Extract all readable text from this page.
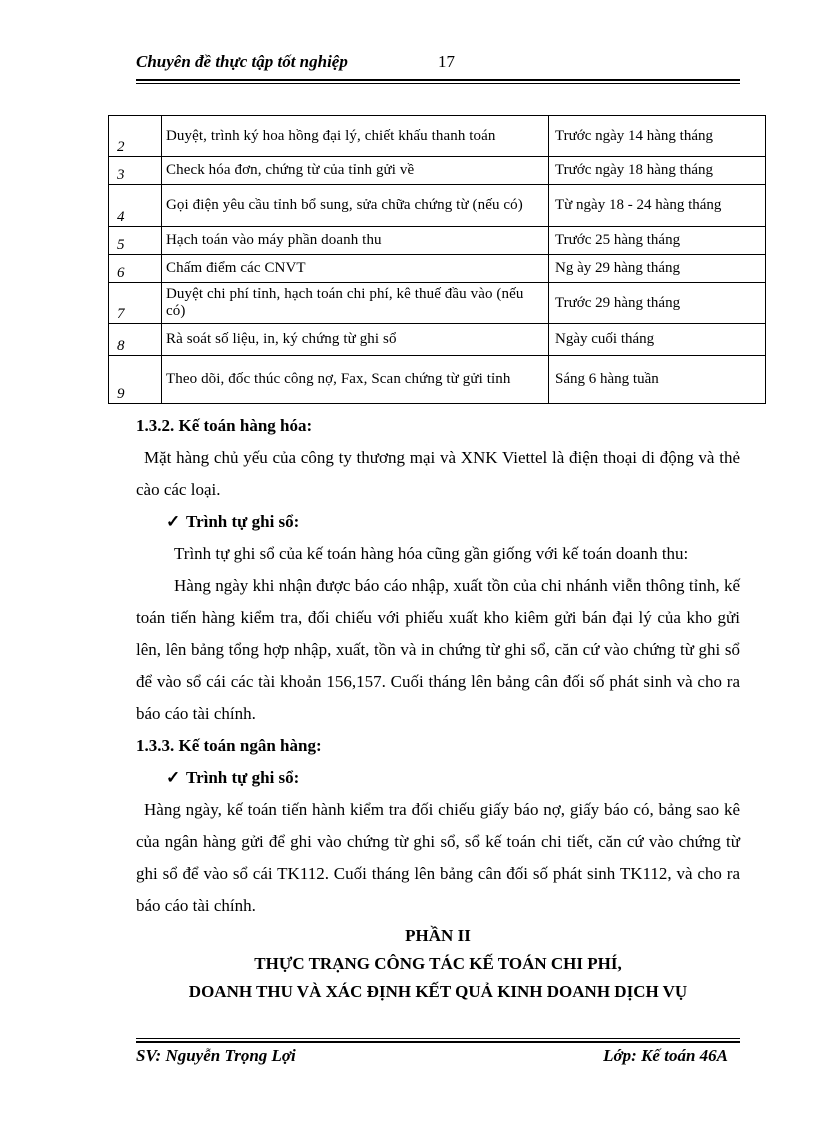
Chuyên đề thực tập tốt nghiệp	17
2	Duyệt, trình ký hoa hồng đại lý, chiết khấu thanh toán	Trước ngày 14 hàng tháng
3	Check hóa đơn, chứng từ của tỉnh gửi về	Trước ngày 18 hàng tháng
4	Gọi điện yêu cầu tỉnh bổ sung, sửa chữa chứng từ (nếu có)	Từ ngày 18 - 24 hàng tháng
5	Hạch toán vào máy phần doanh thu	Trước 25 hàng tháng
6	Chấm điểm các CNVT	Ng ày 29 hàng tháng
7	Duyệt chi phí tỉnh, hạch toán chi phí, kê thuế đầu vào (nếu có)	Trước 29 hàng tháng
8	Rà soát số liệu, in, ký chứng từ ghi sổ	Ngày cuối tháng
9	Theo dõi, đốc thúc công nợ, Fax, Scan chứng từ gửi tỉnh	Sáng 6 hàng tuần

1.3.2. Kế toán hàng hóa:

Mặt hàng chủ yếu của công ty thương mại và XNK Viettel là điện thoại di động và thẻ cào các loại.

✓ Trình tự ghi sổ:

Trình tự ghi sổ của kế toán hàng hóa cũng gần giống với kế toán doanh thu:

Hàng ngày khi nhận được báo cáo nhập, xuất tồn của chi nhánh viễn thông tỉnh, kế toán tiến hàng kiểm tra, đối chiếu với phiếu xuất kho kiêm gửi bán đại lý của kho gửi lên, lên bảng tổng hợp nhập, xuất, tồn và in chứng từ ghi sổ, căn cứ vào chứng từ ghi sổ để vào sổ cái các tài khoản 156,157. Cuối tháng lên bảng cân đối số phát sinh và cho ra báo cáo tài chính.

1.3.3. Kế toán ngân hàng:

✓ Trình tự ghi sổ:

Hàng ngày, kế toán tiến hành kiểm tra đối chiếu giấy báo nợ, giấy báo có, bảng sao kê của ngân hàng gửi để ghi vào chứng từ ghi sổ, sổ kế toán chi tiết, căn cứ vào chứng từ ghi sổ để vào sổ cái TK112. Cuối tháng lên bảng cân đối số phát sinh TK112, và cho ra báo cáo tài chính.

PHẦN II

THỰC TRẠNG CÔNG TÁC KẾ TOÁN CHI PHÍ,

DOANH THU VÀ XÁC ĐỊNH KẾT QUẢ KINH DOANH DỊCH VỤ

SV: Nguyễn Trọng Lợi	Lớp: Kế toán 46A
